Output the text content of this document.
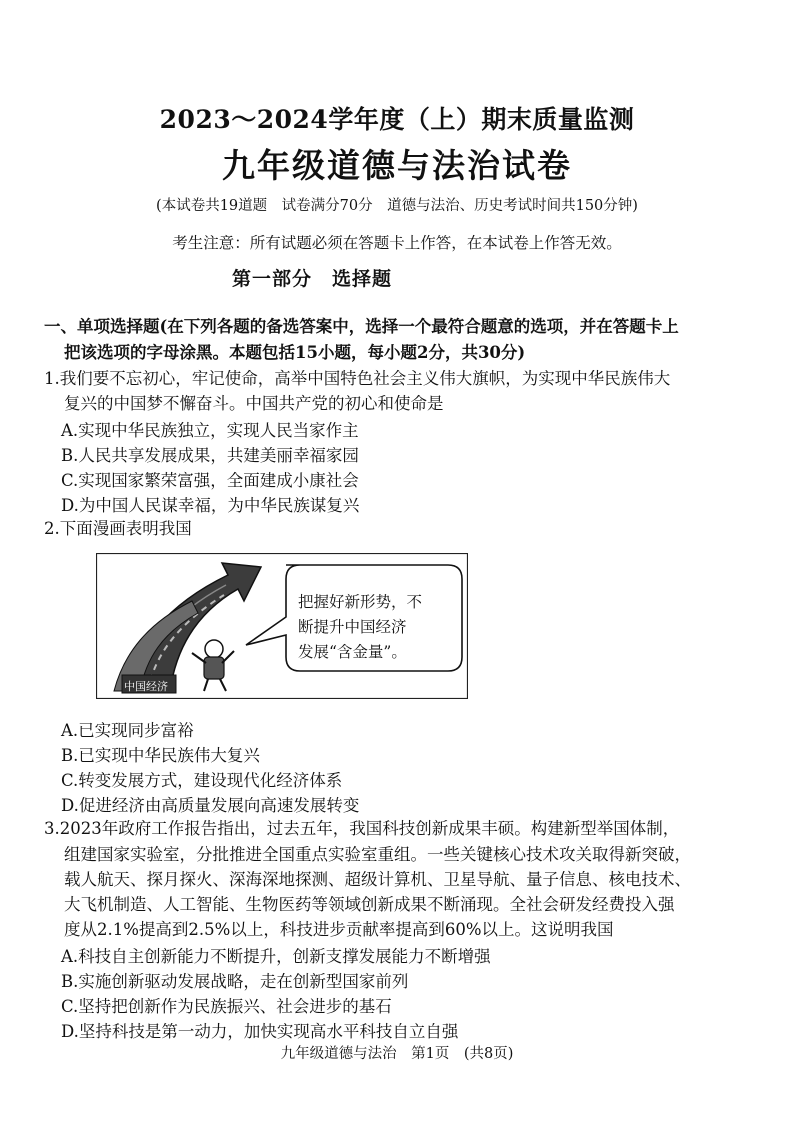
2023～2024学年度（上）期末质量监测
九年级道德与法治试卷
(本试卷共19道题　试卷满分70分　道德与法治、历史考试时间共150分钟)
考生注意：所有试题必须在答题卡上作答，在本试卷上作答无效。
第一部分　选择题
一、单项选择题(在下列各题的备选答案中，选择一个最符合题意的选项，并在答题卡上
把该选项的字母涂黑。本题包括15小题，每小题2分，共30分)
1.我们要不忘初心，牢记使命，高举中国特色社会主义伟大旗帜，为实现中华民族伟大
复兴的中国梦不懈奋斗。中国共产党的初心和使命是
A.实现中华民族独立，实现人民当家作主
B.人民共享发展成果，共建美丽幸福家园
C.实现国家繁荣富强，全面建成小康社会
D.为中国人民谋幸福，为中华民族谋复兴
2.下面漫画表明我国
把握好新形势，不
断提升中国经济
发展“含金量”。
中国经济
A.已实现同步富裕
B.已实现中华民族伟大复兴
C.转变发展方式，建设现代化经济体系
D.促进经济由高质量发展向高速发展转变
3.2023年政府工作报告指出，过去五年，我国科技创新成果丰硕。构建新型举国体制，
组建国家实验室，分批推进全国重点实验室重组。一些关键核心技术攻关取得新突破，
载人航天、探月探火、深海深地探测、超级计算机、卫星导航、量子信息、核电技术、
大飞机制造、人工智能、生物医药等领域创新成果不断涌现。全社会研发经费投入强
度从2.1%提高到2.5%以上，科技进步贡献率提高到60%以上。这说明我国
A.科技自主创新能力不断提升，创新支撑发展能力不断增强
B.实施创新驱动发展战略，走在创新型国家前列
C.坚持把创新作为民族振兴、社会进步的基石
D.坚持科技是第一动力，加快实现高水平科技自立自强
九年级道德与法治　第1页　(共8页)
